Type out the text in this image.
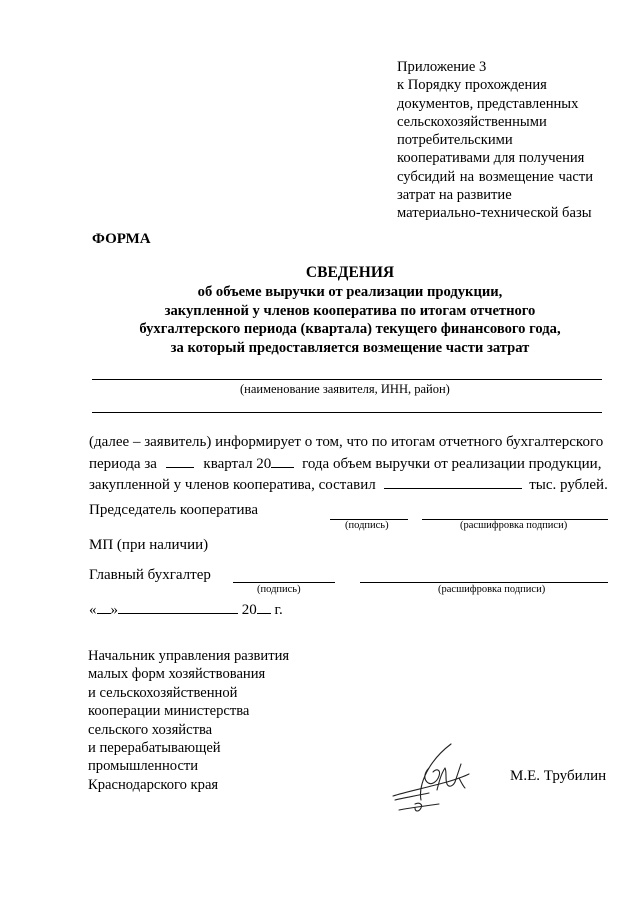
Приложение 3
к Порядку прохождения
документов, представленных
сельскохозяйственными
потребительскими
кооперативами для получения
субсидий на возмещение части
затрат на развитие
материально-технической базы
ФОРМА
СВЕДЕНИЯ
об объеме выручки от реализации продукции,
закупленной у членов кооператива по итогам отчетного
бухгалтерского периода (квартала) текущего финансового года,
за который предоставляется возмещение части затрат
(наименование заявителя, ИНН, район)
(далее – заявитель) информирует о том, что по итогам отчетного бухгалтерского
периода за	квартал 20 года объем выручки от реализации продукции,
закупленной у членов кооператива, составил	тыс. рублей.
Председатель кооператива
(подпись)	(расшифровка подписи)
МП (при наличии)
Главный бухгалтер
(подпись)	(расшифровка подписи)
« »	20 г.
Начальник управления развития
малых форм хозяйствования
и сельскохозяйственной
кооперации министерства
сельского хозяйства
и перерабатывающей
промышленности
Краснодарского края
М.Е. Трубилин
